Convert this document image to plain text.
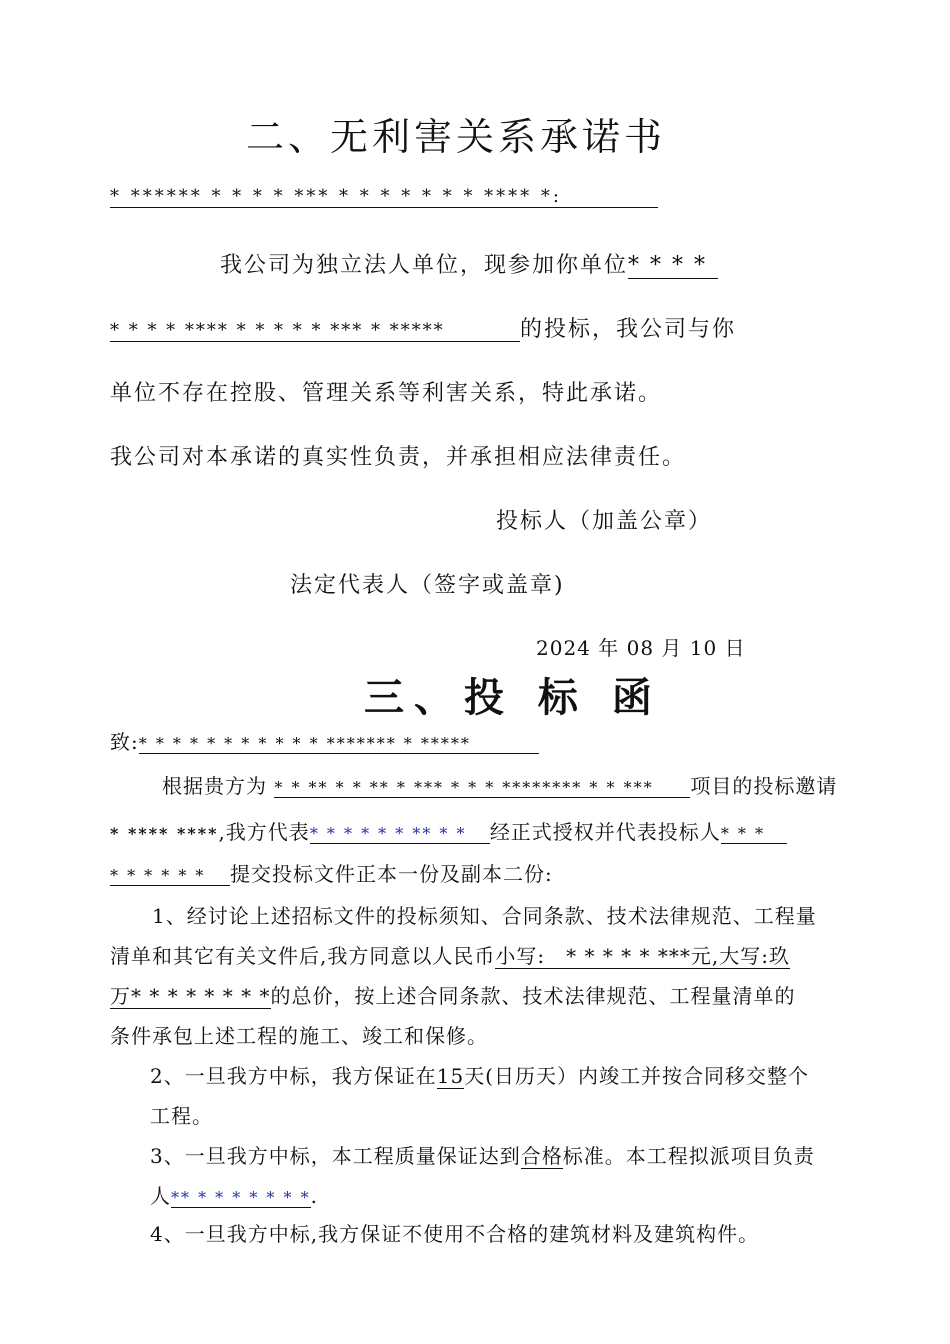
二、无利害关系承诺书
* ****** * * * * *** * * * * * * * **** *:
我公司为独立法人单位，现参加你单位* * * *
* * * * **** * * * * * *** * *****	的投标，我公司与你
单位不存在控股、管理关系等利害关系，特此承诺。
我公司对本承诺的真实性负责，并承担相应法律责任。
投标人（加盖公章）
法定代表人（签字或盖章)
2024 年 08 月 10 日
三、投 标 函
致:* * * * * * * * * * * ******* * *****
根据贵方为 * * ** * * ** * *** * * * ******** * * *** 项目的投标邀请
* **** ****,我方代表* * * * * * ** * * 经正式授权并代表投标人* * *
* * * * * * 提交投标文件正本一份及副本二份:
1、经讨论上述招标文件的投标须知、合同条款、技术法律规范、工程量
清单和其它有关文件后,我方同意以人民币小写:　* * * * * ***元,大写:玖
万* * * * * * * *的总价，按上述合同条款、技术法律规范、工程量清单的
条件承包上述工程的施工、竣工和保修。
2、一旦我方中标，我方保证在15天(日历天）内竣工并按合同移交整个
工程。
3、一旦我方中标，本工程质量保证达到合格标准。本工程拟派项目负责
人** * * * * * * *.
4、一旦我方中标,我方保证不使用不合格的建筑材料及建筑构件。
